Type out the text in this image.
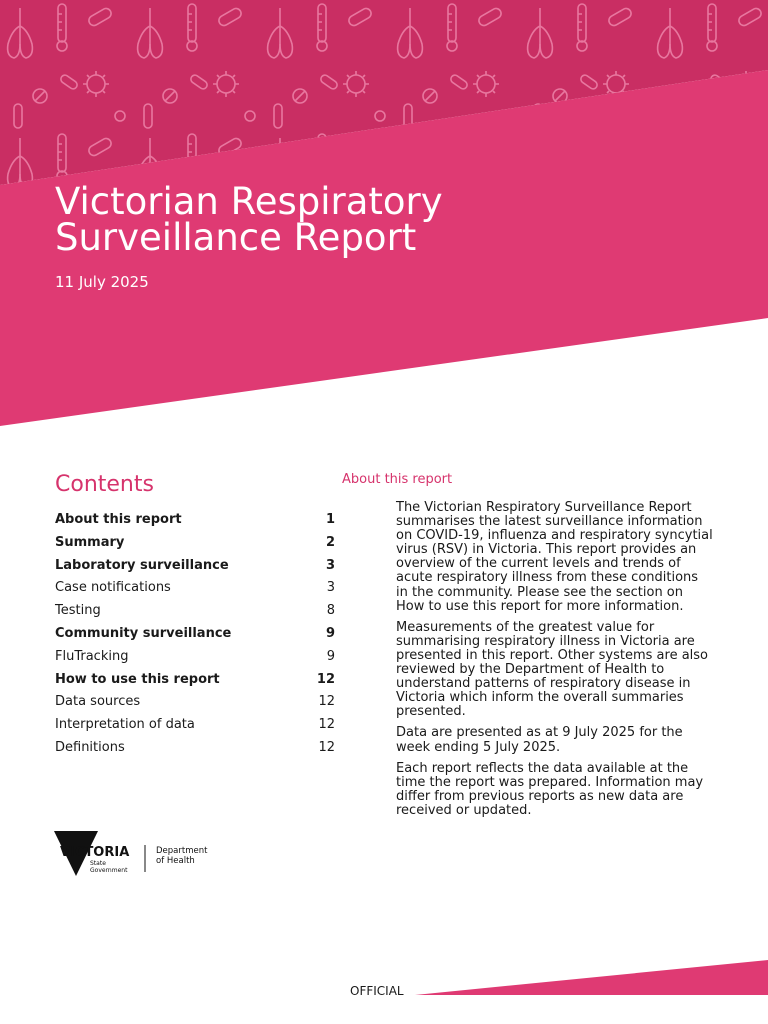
Victorian Respiratory
Surveillance Report
11 July 2025
Contents
About this report	1
Summary	2
Laboratory surveillance	3
Case notifications	3
Testing	8
Community surveillance	9
FluTracking	9
How to use this report	12
Data sources	12
Interpretation of data	12
Definitions	12
About this report

The Victorian Respiratory Surveillance Report summarises the latest surveillance information on COVID-19, influenza and respiratory syncytial virus (RSV) in Victoria. This report provides an overview of the current levels and trends of acute respiratory illness from these conditions in the community. Please see the section on How to use this report for more information.

Measurements of the greatest value for summarising respiratory illness in Victoria are presented in this report. Other systems are also reviewed by the Department of Health to understand patterns of respiratory disease in Victoria which inform the overall summaries presented.

Data are presented as at 9 July 2025 for the week ending 5 July 2025.

Each report reflects the data available at the time the report was prepared. Information may differ from previous reports as new data are received or updated.

VICTORIA
State
Government
Department
of Health
OFFICIAL
